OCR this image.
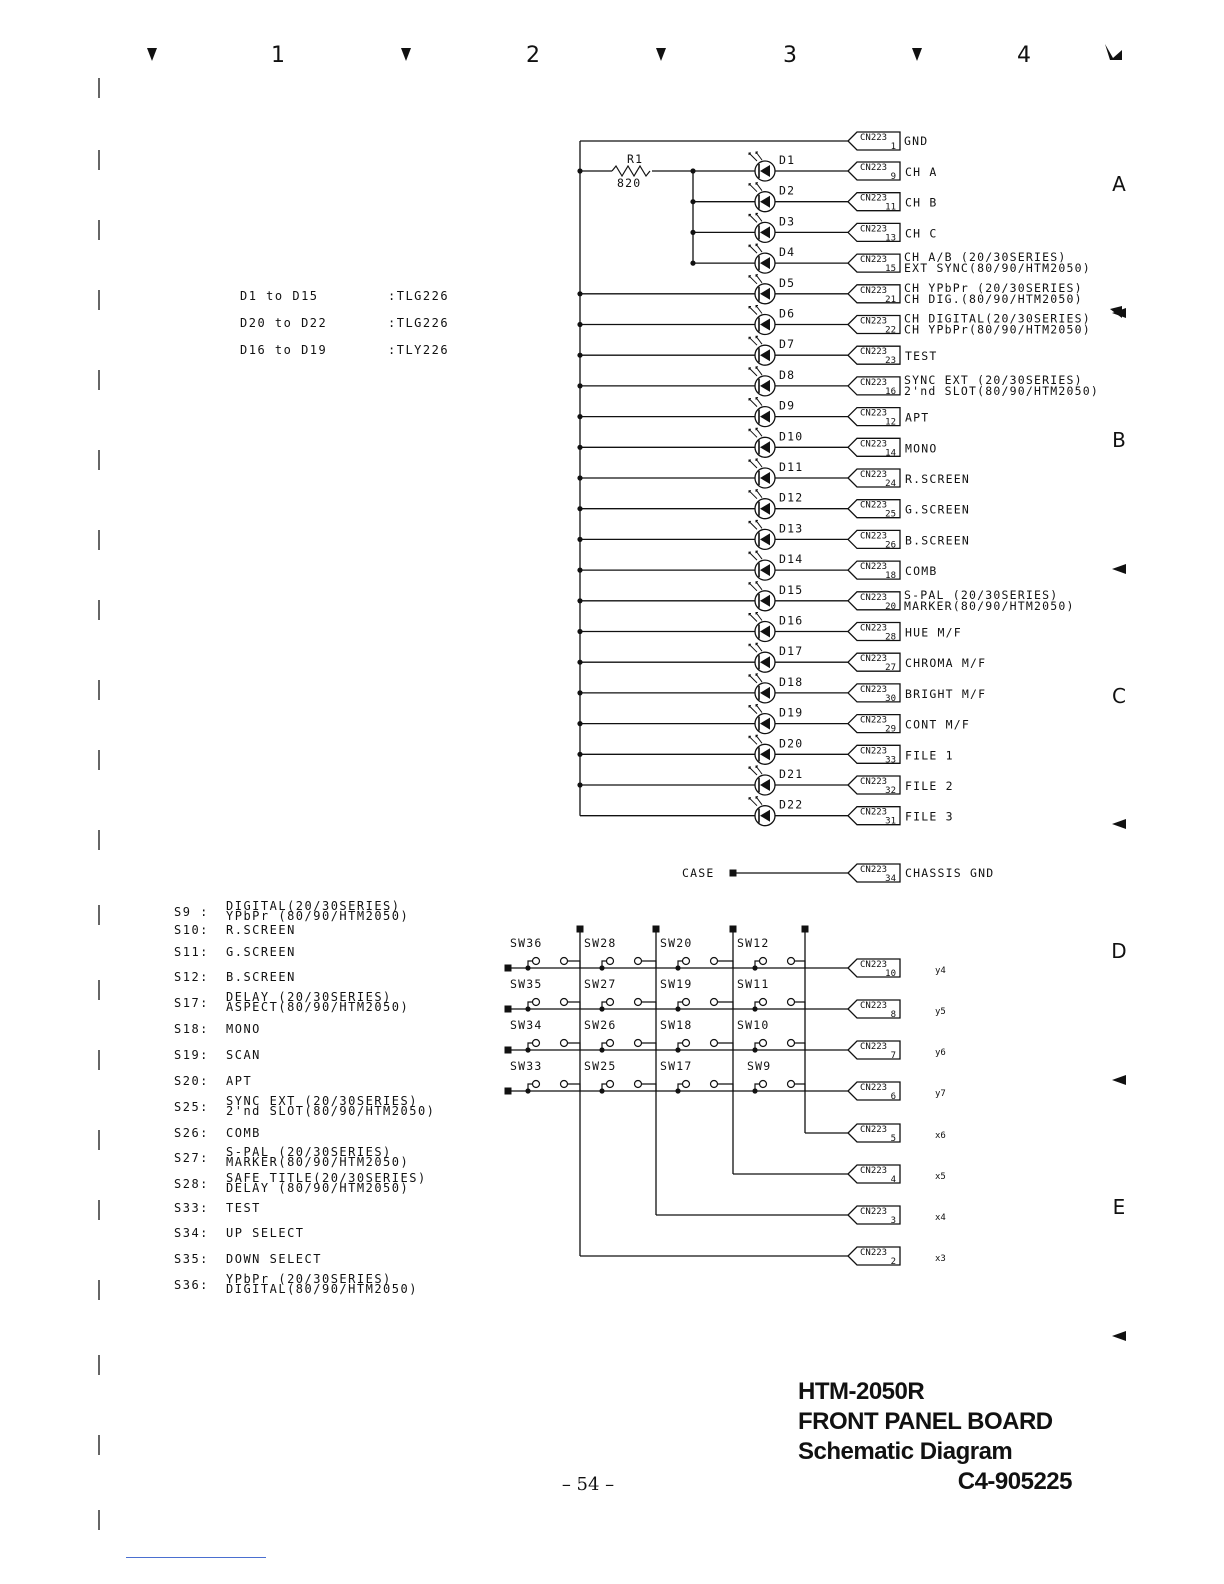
1	2	3	4
A
B
C
D
E
CN223
1 GND
R1
820
D1
CN223
9 CH A
D2
CN223
11 CH B
D3
CN223
13 CH C
D4
CN223
15
CH A/B (20/30SERIES)
EXT SYNC(80/90/HTM2050)
D5
CN223
21
CH YPbPr (20/30SERIES)
CH DIG.(80/90/HTM2050)
D6
CN223
22
CH DIGITAL(20/30SERIES)
CH YPbPr(80/90/HTM2050)
D7
CN223
23 TEST
D8
CN223
16
SYNC EXT (20/30SERIES)
2'nd SLOT(80/90/HTM2050)
D9
CN223
12 APT
D10
CN223
14 MONO
D11
CN223
24 R.SCREEN
D12
CN223
25 G.SCREEN
D13
CN223
26 B.SCREEN
D14
CN223
18 COMB
D15
CN223
20
S-PAL (20/30SERIES)
MARKER(80/90/HTM2050)
D16
CN223
28 HUE M/F
D17
CN223
27 CHROMA M/F
D18
CN223
30 BRIGHT M/F
D19
CN223
29 CONT M/F
D20
CN223
33 FILE 1
D21
CN223
32 FILE 2
D22
CN223
31 FILE 3
CASE	CN223
34 CHASSIS GND
CN223
10	y4
SW36	SW28	SW20	SW12
CN223
8	y5
SW35	SW27	SW19	SW11
CN223
7	y6
SW34	SW26	SW18	SW10
CN223
6	y7
SW33	SW25	SW17	SW9
CN223
5	x6
CN223
4	x5
CN223
3	x4
CN223
2	x3
D1 to D15	:TLG226
D20 to D22	:TLG226
D16 to D19	:TLY226
S9 : DIGITAL(20/30SERIES)
YPbPr (80/90/HTM2050)
S10: R.SCREEN
S11: G.SCREEN
S12: B.SCREEN
S17: DELAY (20/30SERIES)
ASPECT(80/90/HTM2050)
S18: MONO
S19: SCAN
S20: APT
S25: SYNC EXT (20/30SERIES)
2'nd SLOT(80/90/HTM2050)
S26: COMB
S27: S-PAL (20/30SERIES)
MARKER(80/90/HTM2050)
S28: SAFE TITLE(20/30SERIES)
DELAY (80/90/HTM2050)
S33: TEST
S34: UP SELECT
S35: DOWN SELECT
S36: YPbPr (20/30SERIES)
DIGITAL(80/90/HTM2050)
HTM-2050R
FRONT PANEL BOARD
Schematic Diagram
C4-905225
– 54 –
